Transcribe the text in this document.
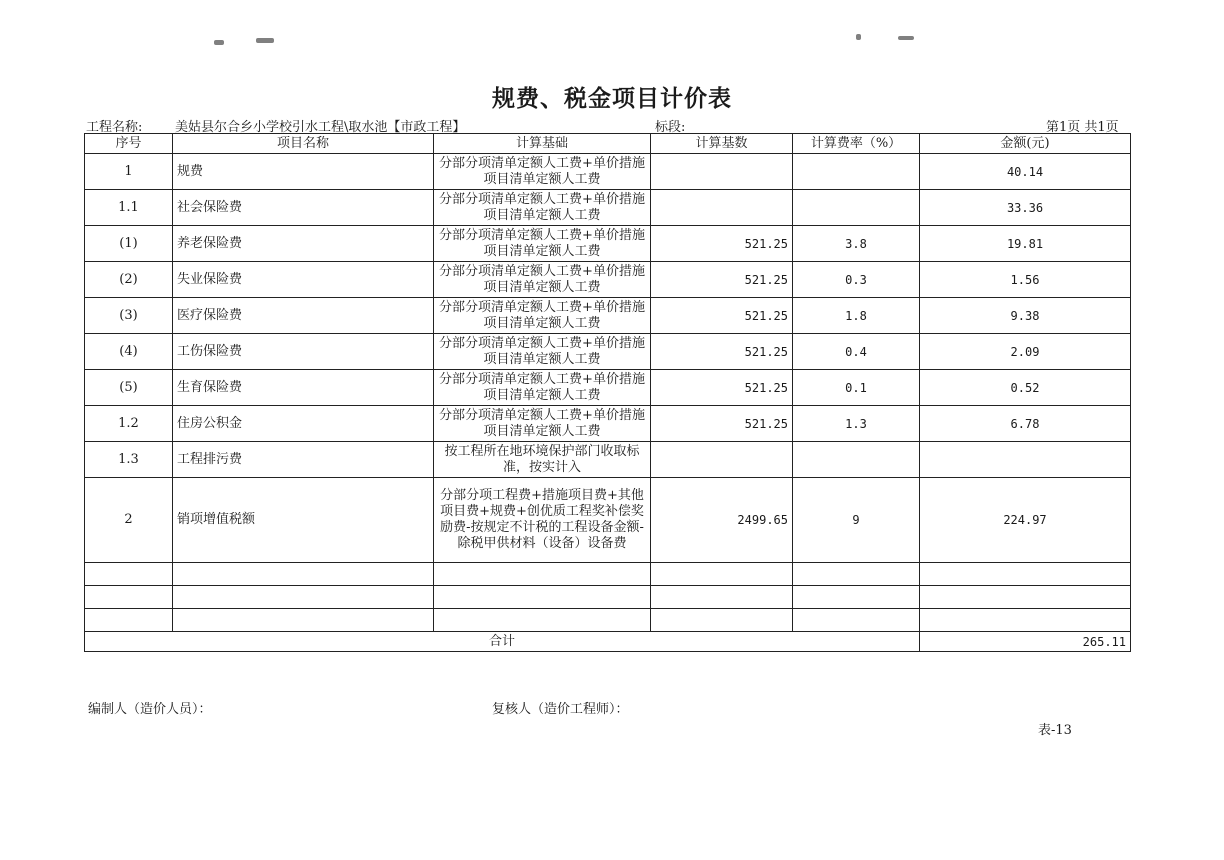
规费、税金项目计价表
工程名称:	美姑县尔合乡小学校引水工程\取水池【市政工程】	标段:	第1页 共1页
序号	项目名称	计算基础	计算基数	计算费率（%）	金额(元)
1	规费	分部分项清单定额人工费+单价措施项目清单定额人工费			40.14
1.1	社会保险费	分部分项清单定额人工费+单价措施项目清单定额人工费			33.36
(1)	养老保险费	分部分项清单定额人工费+单价措施项目清单定额人工费	521.25	3.8	19.81
(2)	失业保险费	分部分项清单定额人工费+单价措施项目清单定额人工费	521.25	0.3	1.56
(3)	医疗保险费	分部分项清单定额人工费+单价措施项目清单定额人工费	521.25	1.8	9.38
(4)	工伤保险费	分部分项清单定额人工费+单价措施项目清单定额人工费	521.25	0.4	2.09
(5)	生育保险费	分部分项清单定额人工费+单价措施项目清单定额人工费	521.25	0.1	0.52
1.2	住房公积金	分部分项清单定额人工费+单价措施项目清单定额人工费	521.25	1.3	6.78
1.3	工程排污费	按工程所在地环境保护部门收取标准，按实计入			
2	销项增值税额	分部分项工程费+措施项目费+其他项目费+规费+创优质工程奖补偿奖励费-按规定不计税的工程设备金额-除税甲供材料（设备）设备费	2499.65	9	224.97

合计					265.11
编制人（造价人员）：	复核人（造价工程师）：
表-13
